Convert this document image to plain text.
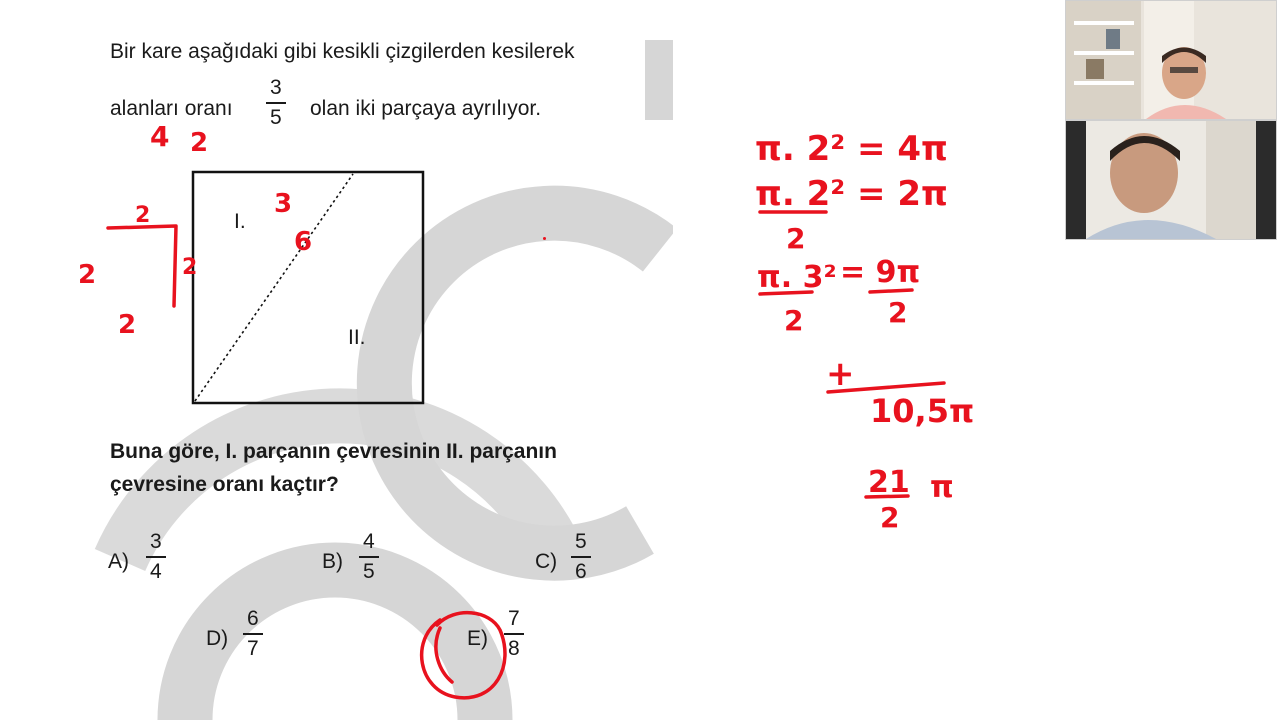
Bir kare aşağıdaki gibi kesikli çizgilerden kesilerek
alanları oranı
3
5 olan iki parçaya ayrılıyor.
I.
II.
Buna göre, I. parçanın çevresinin II. parçanın
çevresine oranı kaçtır?
A)
3
4	B)
4
5	C)
5
6
D)
6
7	E)
7
8
4 2
2
2	2
2
3
6
π. 2² = 4π
π. 2² = 2π
2
π. 3²
2
= 9π
2
+
10,5π
21
2
π
